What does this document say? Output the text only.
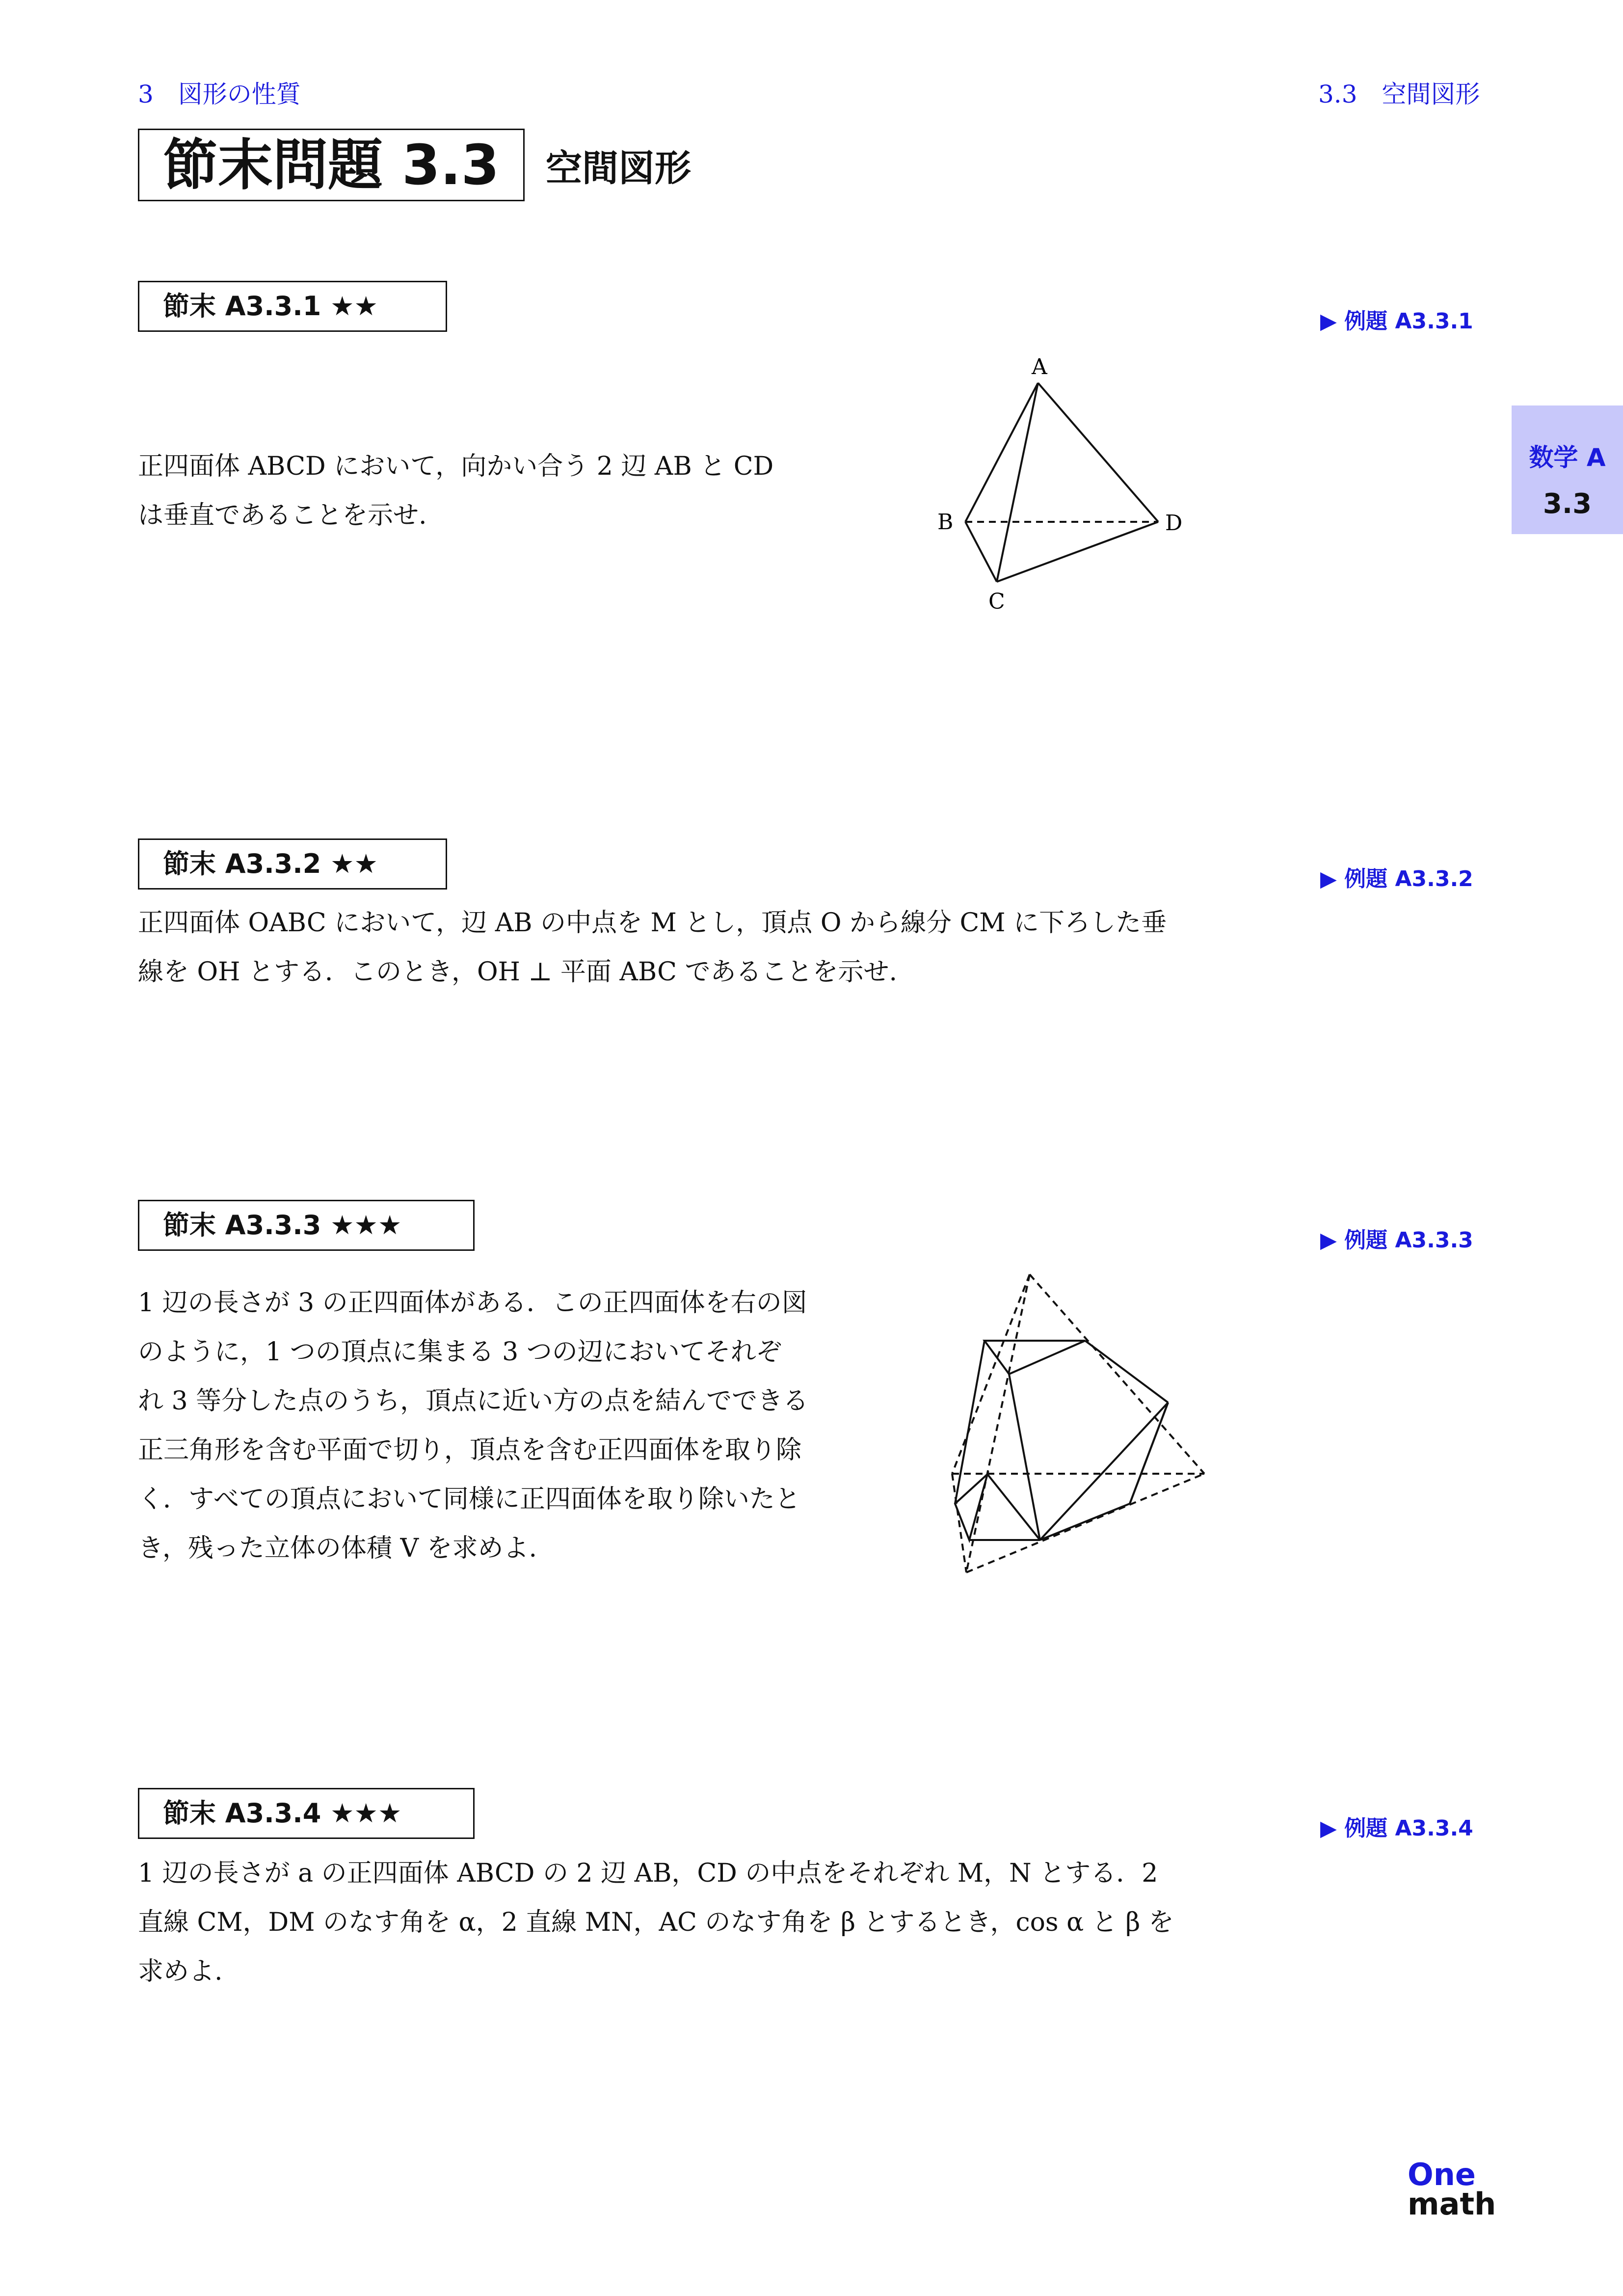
3　図形の性質	3.3　空間図形
節末問題 3.3	空間図形
数学 A
3.3
節末 A3.3.1 ★★	▶ 例題 A3.3.1

正四面体 ABCD において，向かい合う 2 辺 AB と CD

は垂直であることを示せ.

A
B
C
D
節末 A3.3.2 ★★	▶ 例題 A3.3.2

正四面体 OABC において，辺 AB の中点を M とし，頂点 O から線分 CM に下ろした垂

線を OH とする．このとき，OH ⊥ 平面 ABC であることを示せ.

節末 A3.3.3 ★★★	▶ 例題 A3.3.3

1 辺の長さが 3 の正四面体がある．この正四面体を右の図

のように，1 つの頂点に集まる 3 つの辺においてそれぞ

れ 3 等分した点のうち，頂点に近い方の点を結んでできる

正三角形を含む平面で切り，頂点を含む正四面体を取り除

く．すべての頂点において同様に正四面体を取り除いたと

き，残った立体の体積 V を求めよ.

節末 A3.3.4 ★★★	▶ 例題 A3.3.4

1 辺の長さが a の正四面体 ABCD の 2 辺 AB，CD の中点をそれぞれ M，N とする．2

直線 CM，DM のなす角を α，2 直線 MN，AC のなす角を β とするとき，cos α と β を

求めよ.

One
math
